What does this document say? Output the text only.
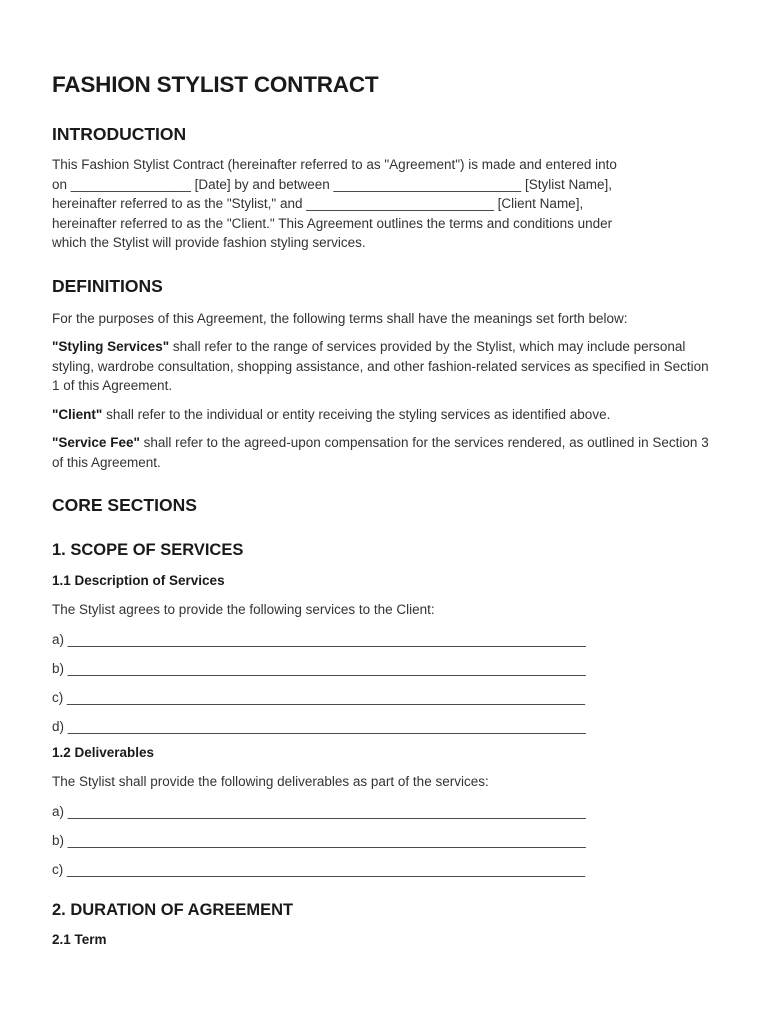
FASHION STYLIST CONTRACT
INTRODUCTION
This Fashion Stylist Contract (hereinafter referred to as "Agreement") is made and entered into
on ________________ [Date] by and between _________________________ [Stylist Name],
hereinafter referred to as the "Stylist," and _________________________ [Client Name],
hereinafter referred to as the "Client." This Agreement outlines the terms and conditions under
which the Stylist will provide fashion styling services.
DEFINITIONS

For the purposes of this Agreement, the following terms shall have the meanings set forth below:

"Styling Services" shall refer to the range of services provided by the Stylist, which may include personal styling, wardrobe consultation, shopping assistance, and other fashion-related services as specified in Section 1 of this Agreement.

"Client" shall refer to the individual or entity receiving the styling services as identified above.

"Service Fee" shall refer to the agreed-upon compensation for the services rendered, as outlined in Section 3 of this Agreement.

CORE SECTIONS
1. SCOPE OF SERVICES
1.1 Description of Services

The Stylist agrees to provide the following services to the Client:

a) _____________________________________________________________________
b) _____________________________________________________________________
c) _____________________________________________________________________
d) _____________________________________________________________________
1.2 Deliverables

The Stylist shall provide the following deliverables as part of the services:

a) _____________________________________________________________________
b) _____________________________________________________________________
c) _____________________________________________________________________
2. DURATION OF AGREEMENT
2.1 Term
